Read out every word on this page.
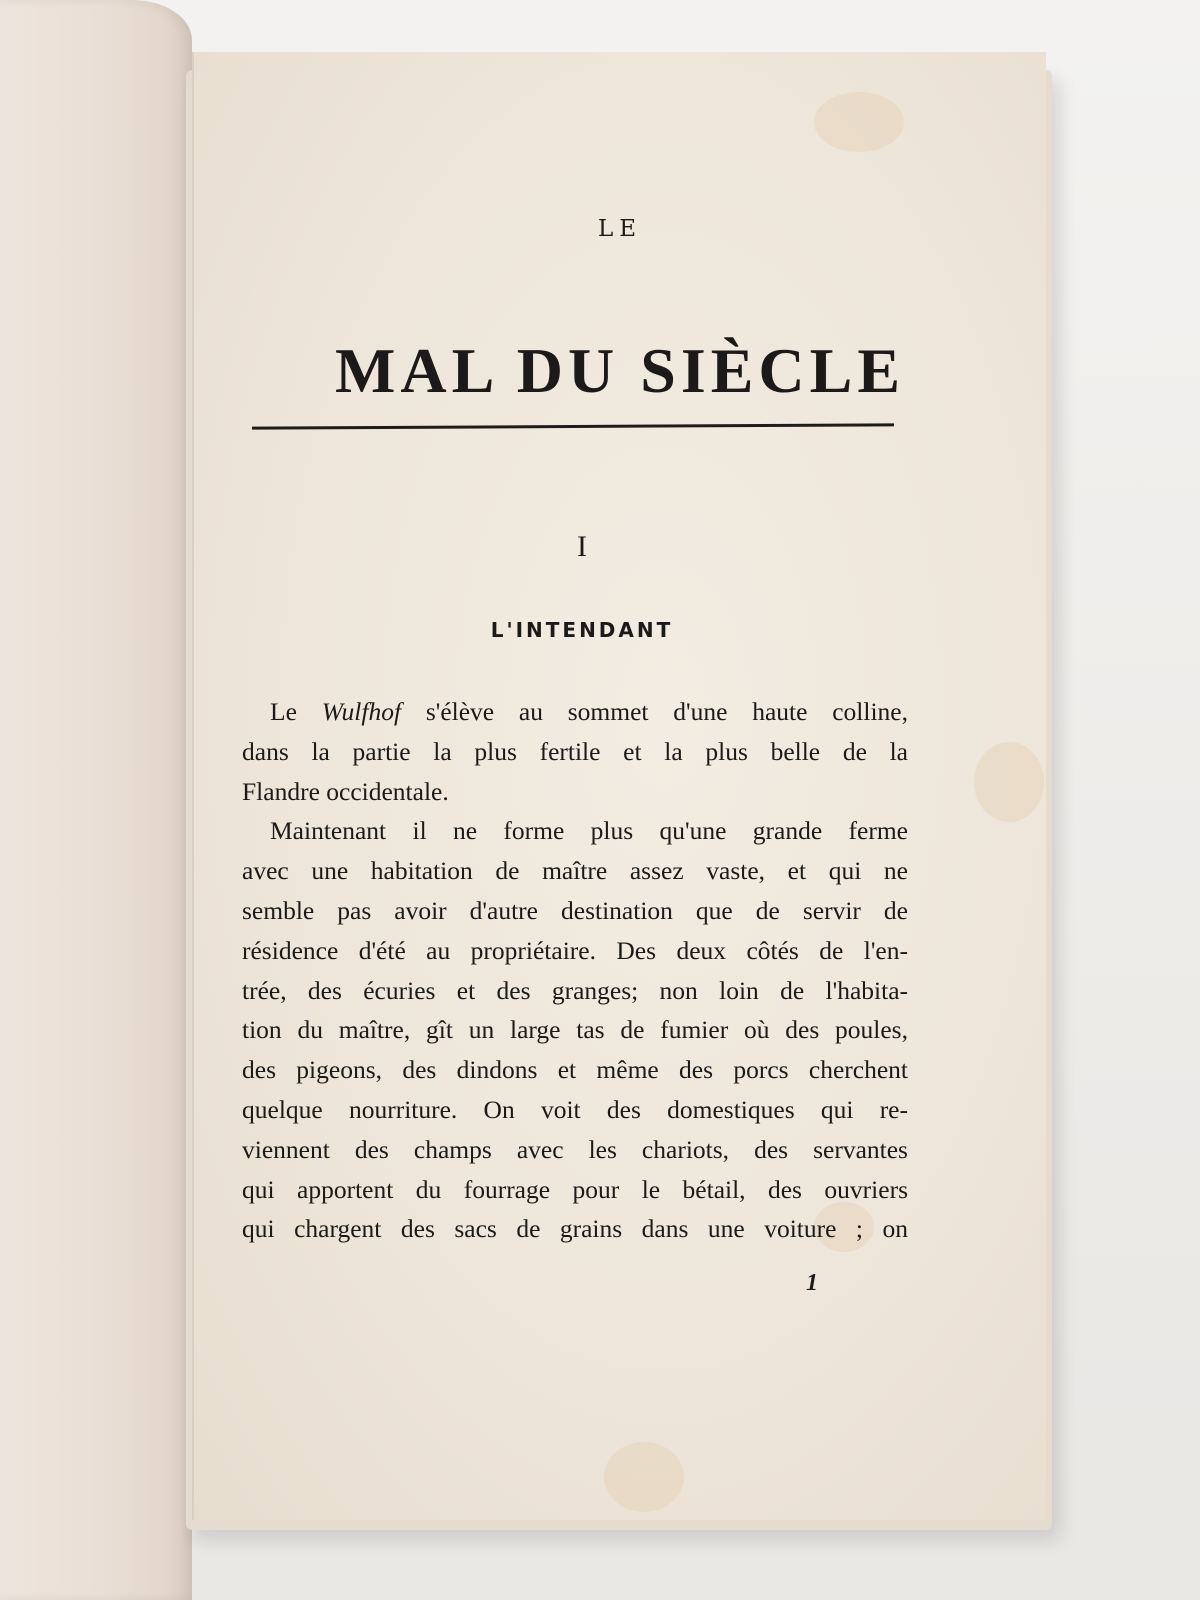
LE
MAL DU SIÈCLE
I
L'INTENDANT
Le Wulfhof s'élève au sommet d'une haute colline,
dans la partie la plus fertile et la plus belle de la
Flandre occidentale.
Maintenant il ne forme plus qu'une grande ferme
avec une habitation de maître assez vaste, et qui ne
semble pas avoir d'autre destination que de servir de
résidence d'été au propriétaire. Des deux côtés de l'en-
trée, des écuries et des granges; non loin de l'habita-
tion du maître, gît un large tas de fumier où des poules,
des pigeons, des dindons et même des porcs cherchent
quelque nourriture. On voit des domestiques qui re-
viennent des champs avec les chariots, des servantes
qui apportent du fourrage pour le bétail, des ouvriers
qui chargent des sacs de grains dans une voiture ; on
1
